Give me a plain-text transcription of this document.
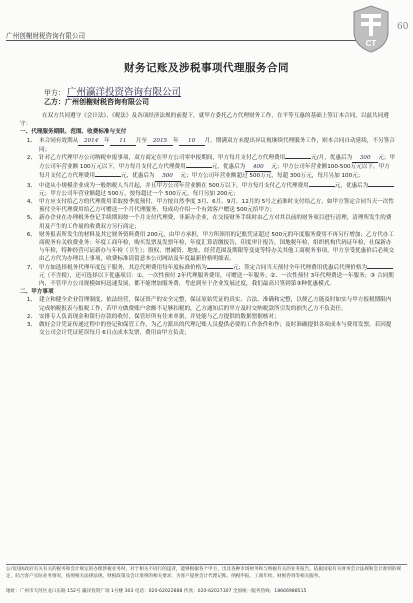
广州创榭财税咨询有限公司
CT
60
财务记账及涉税事项代理服务合同
甲方： 广州瀛洋投资咨询有限公司
乙方：广州创榭财税咨询有限公司

在双方共同遵守《会计法》、《税法》及各项经济法规的前提下，就甲方委托乙方代理财务工作，在平等互惠的基础上签订本合同，以兹共同遵守：

一、代理服务期限、范围、收费标准与支付

1、 本合同有效期从 2014 年 11 月至 2015 年 10 月，期满双方未提出异议视继续代理服务工作，则本合同自动延续，不另签合同；
2、 针对乙方代理甲方公司纳税申报事项，双方商定在甲方公司零申报期间，甲方每月支付乙方代理费用	元/月，优惠后为 300 元；甲方公司年营业额 100万元以下，甲方每月支付乙方代理费用	元，优惠后为 400 元；甲方公司年营业额100-500万元以下，甲方每月支付乙方代理费用	元，优惠后为 500 元；甲方公司年营业额超过 500万元，每超 300万元，每月另加 100元；
3、 中途从小规模企业成为一般纳税人当月起，并且甲方公司年营业额在 500万以下，甲方每月支付乙方代理费用	元，优惠后为元；甲方公司年营业额超过 500万，按每超过一个 500万元，每月另加 200元；
4、 甲方应支付给乙方的代理费用采取按季度预付，甲方按自然季度 3月、6月、9月、12月的 5号之前准时支付给乙方，如甲方签定合同当天一次性预付全年代理费用给乙方可赠送一个月代理服务，每成功介绍一个有效客户赠送 500元给甲方；
5、 新办企业在办理税务登记手续期间按一个月支付代理费，非新办企业，在交接财务手续时由乙方对其以前的财务项目进行清理，清理所发生的费用及产生的工作量的收费双方另行商定；
6、 财务报表所发生的材料及其它财务资料费用 200元，由甲方承担，甲方所领用的记账凭证超过 500元的年度服务费用不再另行增加；乙方代办工商税务有关收费业务：年度工商年检，购买发票及发票年检，年度汇算清缴报告，印度审计报告，国地税年检，组织机构代码证年检，社保新办与年检，特种经营可证新办与年检（卫生）；股权、增减资、地址、经营范围及期限等变更等特办关其他工商税务事项，甲方享受优惠价后必须交由乙方代为办理以上事项，收费标准请留意本公司网站及年度最新价格明细表。
7、 甲方如选择税务代理年度包干服务，其总代理费用每年度标准价格为	元；签定合同当天预付全年代理费用优惠后代理价格为元（不含税），还可选择以下优惠项目：①、一次性预付 2年代理服务费用，可赠送一年服务；②、一次性预付 3年代理费送一年服务；③ 合同期内，不管甲方公司规模如何迅速发展，都不能增加服务费，考虑到至于企业发展过度，我们最高只签到第③种优惠模式。

二、甲方事项

1、 建立和健全企业管理制度，依法经营，保证资产的安全完整，保证原始凭证的真实、合法、准确和完整，以便乙方能及时如实与甲方报税期限内完成纳税报表与报税工作，若甲方做费账户余额不足够扣税的，乙方通知后的甲方及时交纳税款所引发的损失乙方不负责任。
2、 安排专人负责现金和银行存款的收付，保管好所有往来单据，并处能与乙方提供的数据票据核对；
3、 做好会计凭证传递过程中的登记和保管工作，为乙方派出的代理记账人员提供必要的工作条件和作；及时准确提供各项成本与费用发票，若因提交公司会计凭证延误每月 6日点成本发票，费用由甲方负责；
公司因执政府有关有关的税务和会计规定的办理涉税业务时，对于相关不同行的违背，能够根据各个甲方，出具各种市场财务和与纳税有关的业务报告。依据国家有关财务会计法规和会计准则的规定，结合客户实际业务情况，按照相关法律法规、财税政策及会计准则的相关要求，为客户提供会计代理记账、纳税申报、工商年检、财税咨询等相关服务。
地址：广州市天河区龙口东路 152号 瀛洋投资广场 1号楼 303 电话：020-62022888 传真：020-62027307 全国统一服务热线：18666988515
